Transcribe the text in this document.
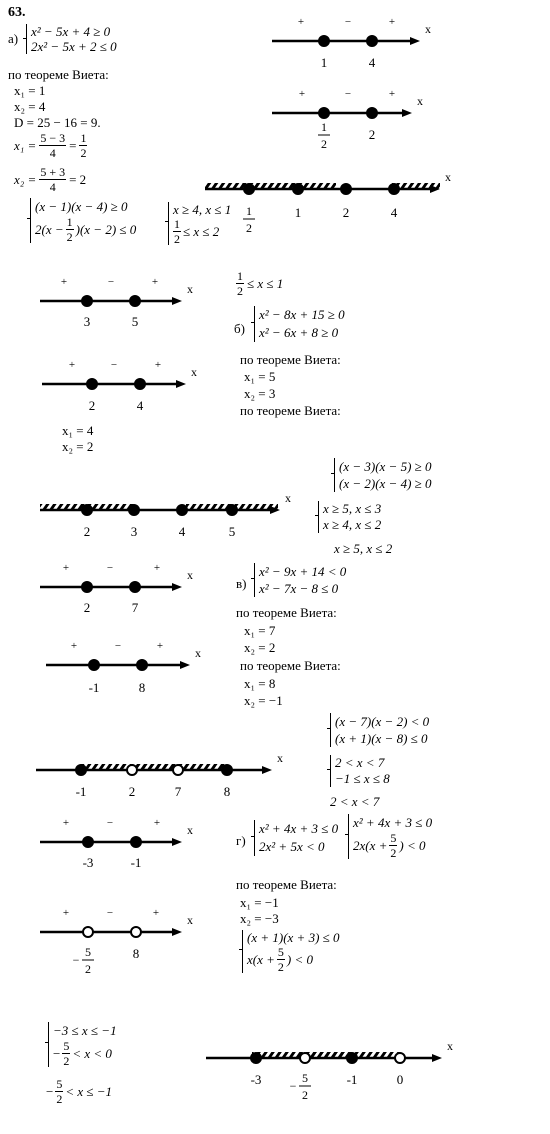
63.
а) x² − 5x + 4 ≥ 0
2x² − 5x + 2 ≤ 0
по теореме Виета:
x₁ = 1
x₂ = 4
D = 25 − 16 = 9.
$x_1 = \frac{5 - 3}{4} = \frac{1}{2}$
$x_2 = \frac{5 + 3}{4} = 2$
(x − 1)(x − 4) ≥ 0
$2(x - \frac{1}{2} )(x - 2) \le 0$
x ≥ 4, x ≤ 1
$\frac{1}{2} \le x \le 2$
$\frac{1}{2} \le x \le 1$
б)
x² − 8x + 15 ≥ 0
x² − 6x + 8 ≥ 0
по теореме Виета:
x₁ = 5
x₂ = 3
по теореме Виета:
x₁ = 4
x₂ = 2
(x − 3)(x − 5) ≥ 0
(x − 2)(x − 4) ≥ 0
x ≥ 5, x ≤ 3
x ≥ 4, x ≤ 2
x ≥ 5, x ≤ 2
в)
x² − 9x + 14 < 0
x² − 7x − 8 ≤ 0
по теореме Виета:
x₁ = 7
x₂ = 2
по теореме Виета:
x₁ = 8
x₂ = −1
(x − 7)(x − 2) < 0
(x + 1)(x − 8) ≤ 0
2 < x < 7
−1 ≤ x ≤ 8
2 < x < 7
г)
x² + 4x + 3 ≤ 0
2x² + 5x < 0
x² + 4x + 3 ≤ 0
$2x(x + \frac{5}{2}$ ) < 0
по теореме Виета:
x₁ = −1
x₂ = −3
(x + 1)(x + 3) ≤ 0
$x(x + \frac{5}{2}$ ) < 0
−3 ≤ x ≤ −1
− $\frac{5}{2} < x < 0$
− $\frac{5}{2} < x \le -1$
x
+	−	+
1	4
x
+	−	+
1
2
2
x
1
2
1	2	4
x
+	−	+
3	5
x
+	−	+
2	4
x
2	3	4	5
x
+	−	+
2	7
x
+	−	+
-1	8
x
-1	2	7	8
x
+	−	+
-3	-1
x
+	−	+
5
2
−	8
x
-3	5
2
−	-1	0
